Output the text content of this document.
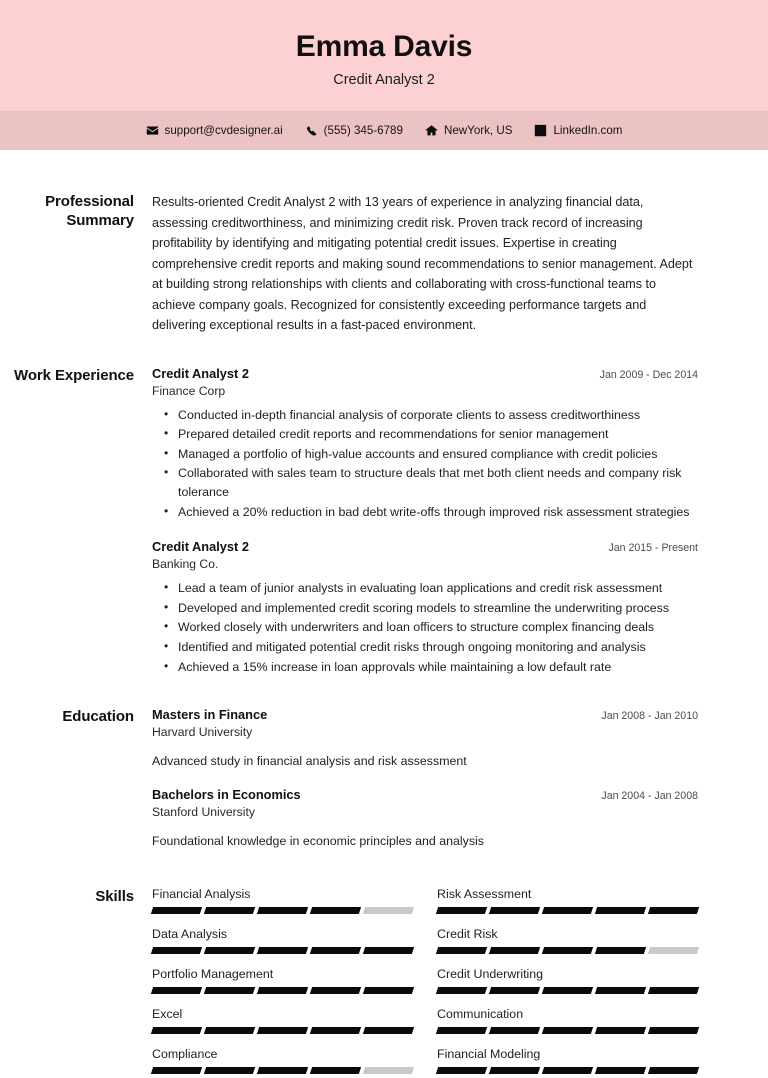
Emma Davis
Credit Analyst 2
support@cvdesigner.ai	(555) 345-6789	NewYork, US	LinkedIn.com
Professional Summary
Results-oriented Credit Analyst 2 with 13 years of experience in analyzing financial data, assessing creditworthiness, and minimizing credit risk. Proven track record of increasing profitability by identifying and mitigating potential credit issues. Expertise in creating comprehensive credit reports and making sound recommendations to senior management. Adept at building strong relationships with clients and collaborating with cross-functional teams to achieve company goals. Recognized for consistently exceeding performance targets and delivering exceptional results in a fast-paced environment.
Work Experience	Credit Analyst 2	Jan 2009 - Dec 2014
Finance Corp
• Conducted in-depth financial analysis of corporate clients to assess creditworthiness
• Prepared detailed credit reports and recommendations for senior management
• Managed a portfolio of high-value accounts and ensured compliance with credit policies
• Collaborated with sales team to structure deals that met both client needs and company risk tolerance
• Achieved a 20% reduction in bad debt write-offs through improved risk assessment strategies
Credit Analyst 2	Jan 2015 - Present
Banking Co.
• Lead a team of junior analysts in evaluating loan applications and credit risk assessment
• Developed and implemented credit scoring models to streamline the underwriting process
• Worked closely with underwriters and loan officers to structure complex financing deals
• Identified and mitigated potential credit risks through ongoing monitoring and analysis
• Achieved a 15% increase in loan approvals while maintaining a low default rate
Education	Masters in Finance	Jan 2008 - Jan 2010
Harvard University
Advanced study in financial analysis and risk assessment
Bachelors in Economics	Jan 2004 - Jan 2008
Stanford University
Foundational knowledge in economic principles and analysis
Skills	Financial Analysis	Risk Assessment
Data Analysis	Credit Risk
Portfolio Management	Credit Underwriting
Excel	Communication
Compliance	Financial Modeling
